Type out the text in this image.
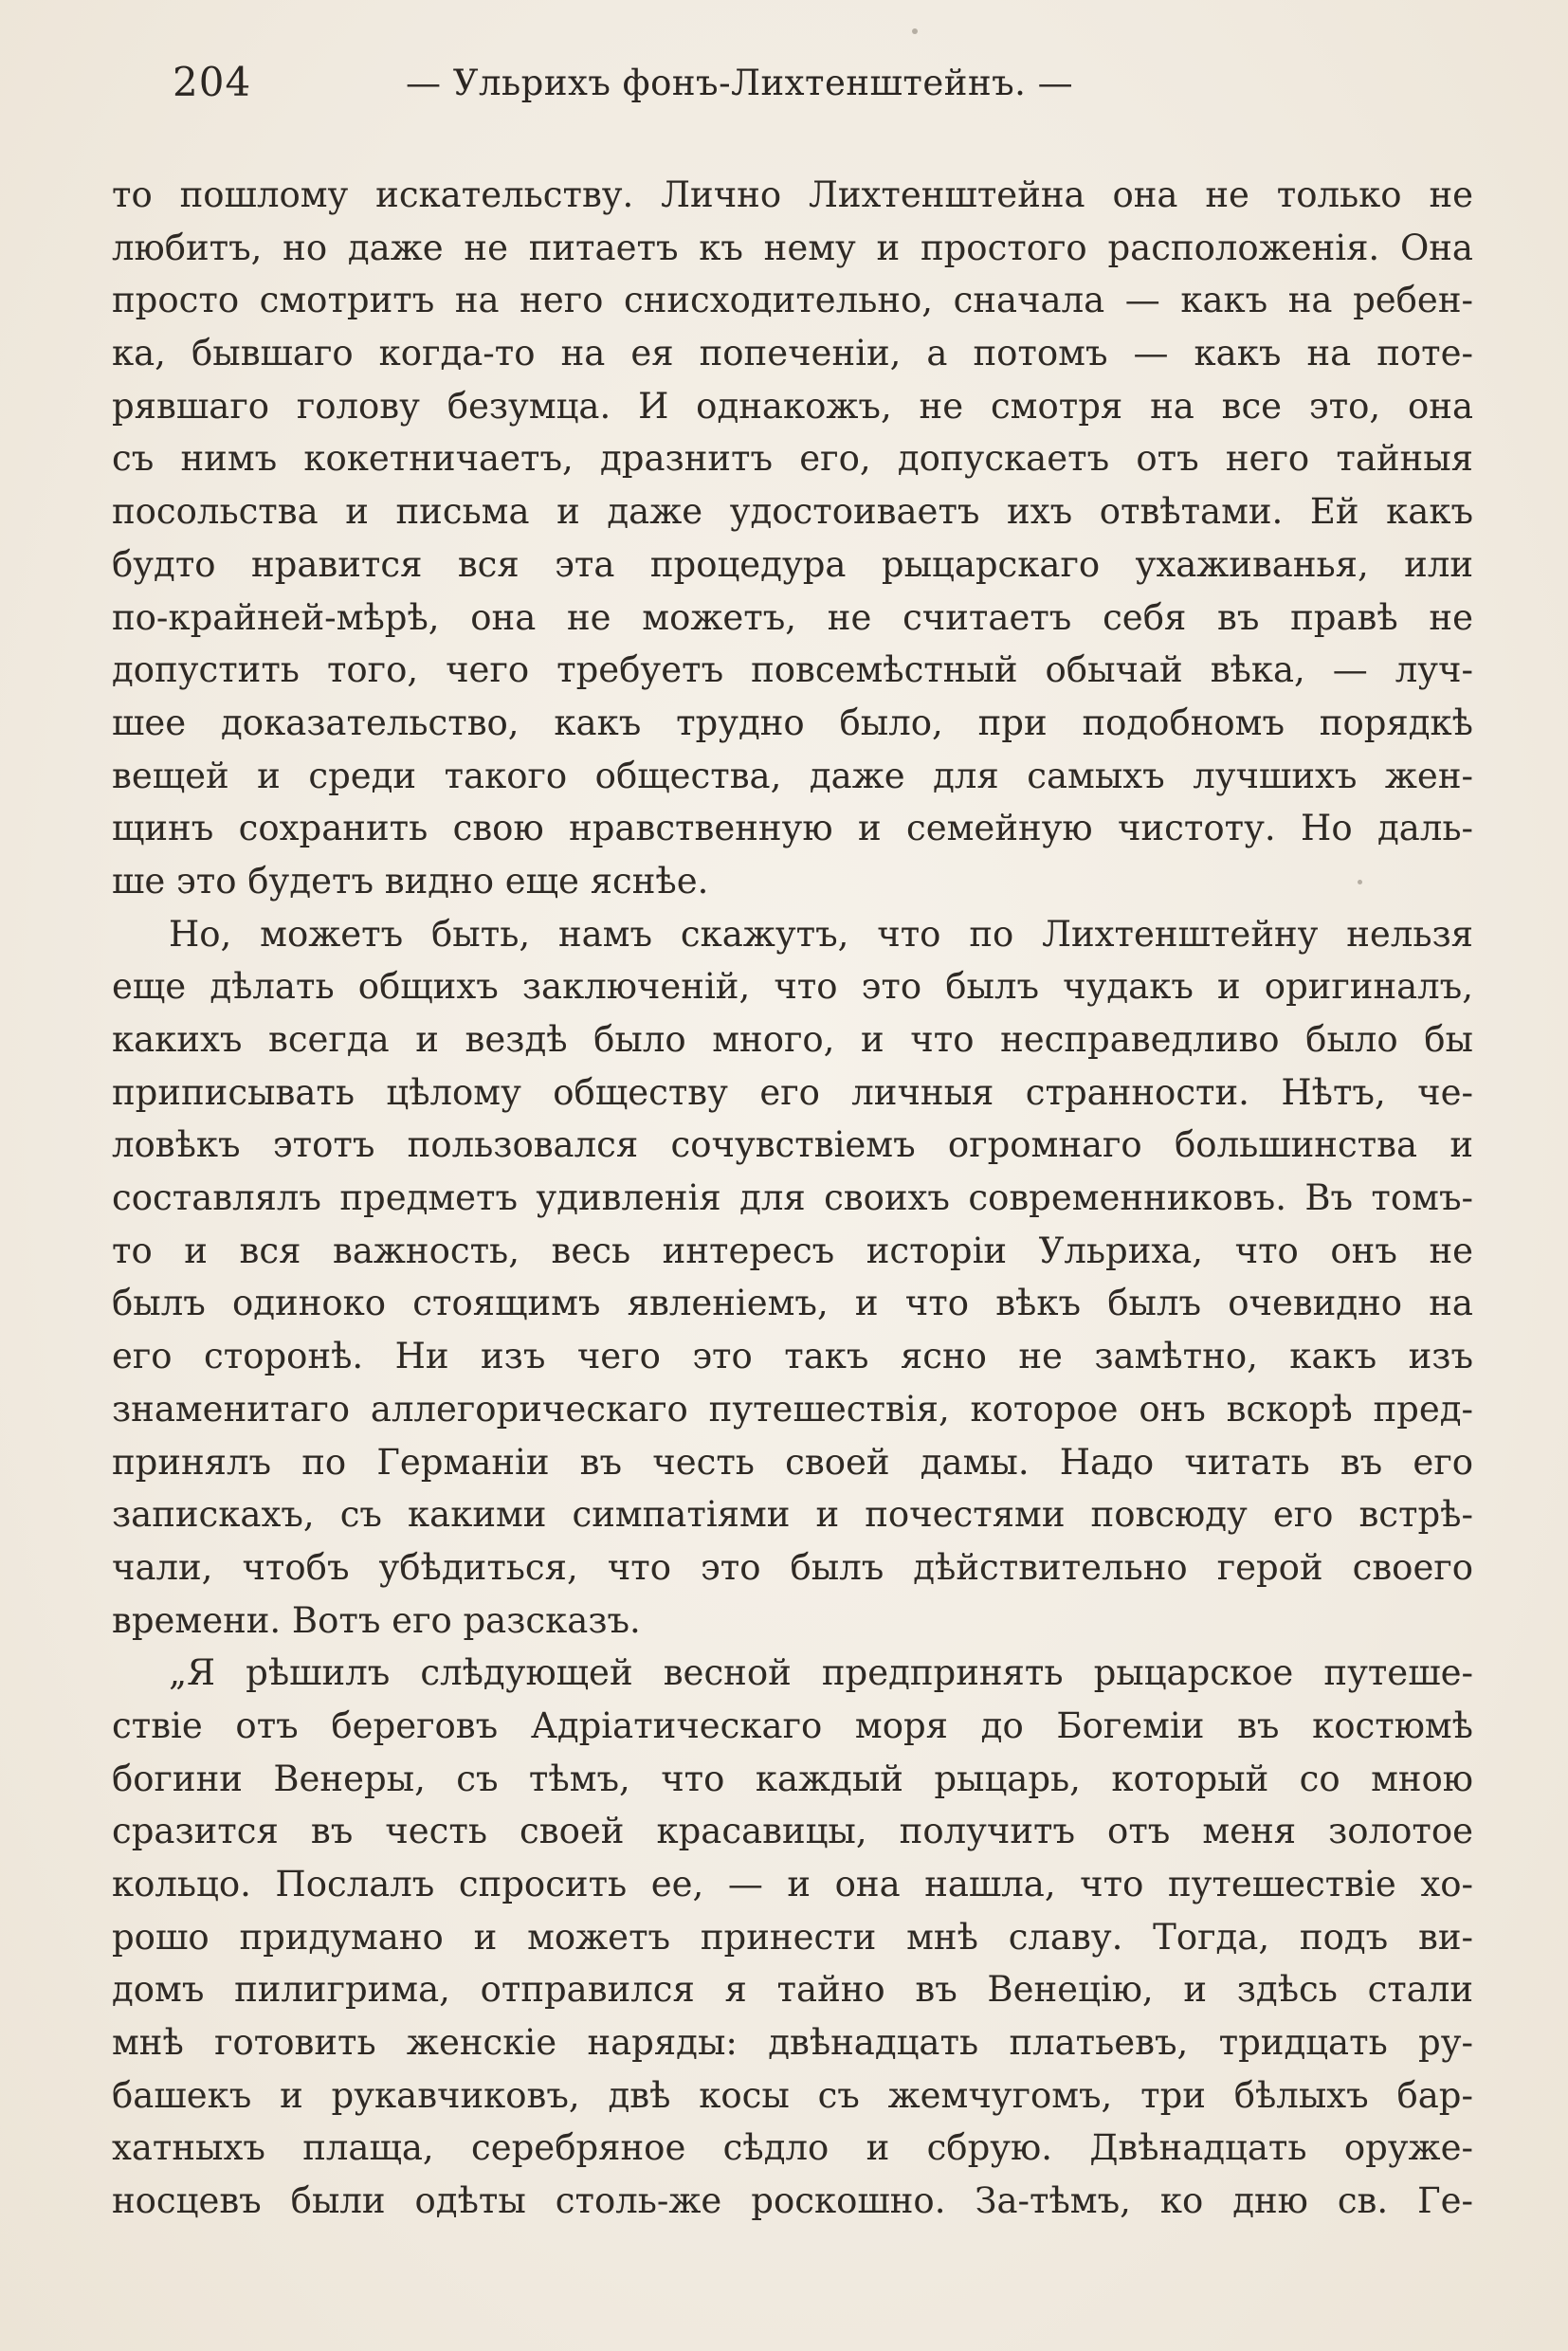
204	— Ульрихъ фонъ-Лихтенштейнъ. —
то пошлому искательству. Лично Лихтенштейна она не только не
любитъ, но даже не питаетъ къ нему и простого расположенія. Она
просто смотритъ на него снисходительно, сначала — какъ на ребен-
ка, бывшаго когда-то на ея попеченіи, а потомъ — какъ на поте-
рявшаго голову безумца. И однакожъ, не смотря на все это, она
съ нимъ кокетничаетъ, дразнитъ его, допускаетъ отъ него тайныя
посольства и письма и даже удостоиваетъ ихъ отвѣтами. Ей какъ
будто нравится вся эта процедура рыцарскаго ухаживанья, или
по-крайней-мѣрѣ, она не можетъ, не считаетъ себя въ правѣ не
допустить того, чего требуетъ повсемѣстный обычай вѣка, — луч-
шее доказательство, какъ трудно было, при подобномъ порядкѣ
вещей и среди такого общества, даже для самыхъ лучшихъ жен-
щинъ сохранить свою нравственную и семейную чистоту. Но даль-
ше это будетъ видно еще яснѣе.
Но, можетъ быть, намъ скажутъ, что по Лихтенштейну нельзя
еще дѣлать общихъ заключеній, что это былъ чудакъ и оригиналъ,
какихъ всегда и вездѣ было много, и что несправедливо было бы
приписывать цѣлому обществу его личныя странности. Нѣтъ, че-
ловѣкъ этотъ пользовался сочувствіемъ огромнаго большинства и
составлялъ предметъ удивленія для своихъ современниковъ. Въ томъ-
то и вся важность, весь интересъ исторіи Ульриха, что онъ не
былъ одиноко стоящимъ явленіемъ, и что вѣкъ былъ очевидно на
его сторонѣ. Ни изъ чего это такъ ясно не замѣтно, какъ изъ
знаменитаго аллегорическаго путешествія, которое онъ вскорѣ пред-
принялъ по Германіи въ честь своей дамы. Надо читать въ его
запискахъ, съ какими симпатіями и почестями повсюду его встрѣ-
чали, чтобъ убѣдиться, что это былъ дѣйствительно герой своего
времени. Вотъ его разсказъ.
„Я рѣшилъ слѣдующей весной предпринять рыцарское путеше-
ствіе отъ береговъ Адріатическаго моря до Богеміи въ костюмѣ
богини Венеры, съ тѣмъ, что каждый рыцарь, который со мною
сразится въ честь своей красавицы, получитъ отъ меня золотое
кольцо. Послалъ спросить ее, — и она нашла, что путешествіе хо-
рошо придумано и можетъ принести мнѣ славу. Тогда, подъ ви-
домъ пилигрима, отправился я тайно въ Венецію, и здѣсь стали
мнѣ готовить женскіе наряды: двѣнадцать платьевъ, тридцать ру-
башекъ и рукавчиковъ, двѣ косы съ жемчугомъ, три бѣлыхъ бар-
хатныхъ плаща, серебряное сѣдло и сбрую. Двѣнадцать оруже-
носцевъ были одѣты столь-же роскошно. За-тѣмъ, ко дню св. Ге-
